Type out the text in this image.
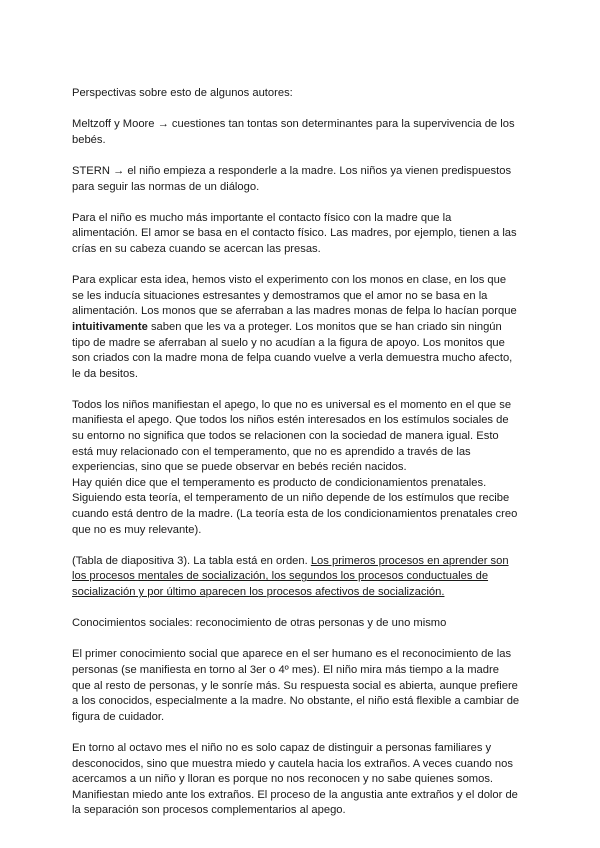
Perspectivas sobre esto de algunos autores:

Meltzoff y Moore → cuestiones tan tontas son determinantes para la supervivencia de los bebés.

STERN → el niño empieza a responderle a la madre. Los niños ya vienen predispuestos para seguir las normas de un diálogo.

Para el niño es mucho más importante el contacto físico con la madre que la alimentación. El amor se basa en el contacto físico. Las madres, por ejemplo, tienen a las crías en su cabeza cuando se acercan las presas.

Para explicar esta idea, hemos visto el experimento con los monos en clase, en los que se les inducía situaciones estresantes y demostramos que el amor no se basa en la alimentación. Los monos que se aferraban a las madres monas de felpa lo hacían porque intuitivamente saben que les va a proteger. Los monitos que se han criado sin ningún tipo de madre se aferraban al suelo y no acudían a la figura de apoyo. Los monitos que son criados con la madre mona de felpa cuando vuelve a verla demuestra mucho afecto, le da besitos.

Todos los niños manifiestan el apego, lo que no es universal es el momento en el que se manifiesta el apego. Que todos los niños estén interesados en los estímulos sociales de su entorno no significa que todos se relacionen con la sociedad de manera igual. Esto está muy relacionado con el temperamento, que no es aprendido a través de las experiencias, sino que se puede observar en bebés recién nacidos.

Hay quién dice que el temperamento es producto de condicionamientos prenatales.

Siguiendo esta teoría, el temperamento de un niño depende de los estímulos que recibe cuando está dentro de la madre. (La teoría esta de los condicionamientos prenatales creo que no es muy relevante).

(Tabla de diapositiva 3). La tabla está en orden. Los primeros procesos en aprender son los procesos mentales de socialización, los segundos los procesos conductuales de socialización y por último aparecen los procesos afectivos de socialización.

Conocimientos sociales: reconocimiento de otras personas y de uno mismo

El primer conocimiento social que aparece en el ser humano es el reconocimiento de las personas (se manifiesta en torno al 3er o 4º mes). El niño mira más tiempo a la madre que al resto de personas, y le sonríe más. Su respuesta social es abierta, aunque prefiere a los conocidos, especialmente a la madre. No obstante, el niño está flexible a cambiar de figura de cuidador.

En torno al octavo mes el niño no es solo capaz de distinguir a personas familiares y desconocidos, sino que muestra miedo y cautela hacia los extraños. A veces cuando nos acercamos a un niño y lloran es porque no nos reconocen y no sabe quienes somos. Manifiestan miedo ante los extraños. El proceso de la angustia ante extraños y el dolor de la separación son procesos complementarios al apego.
